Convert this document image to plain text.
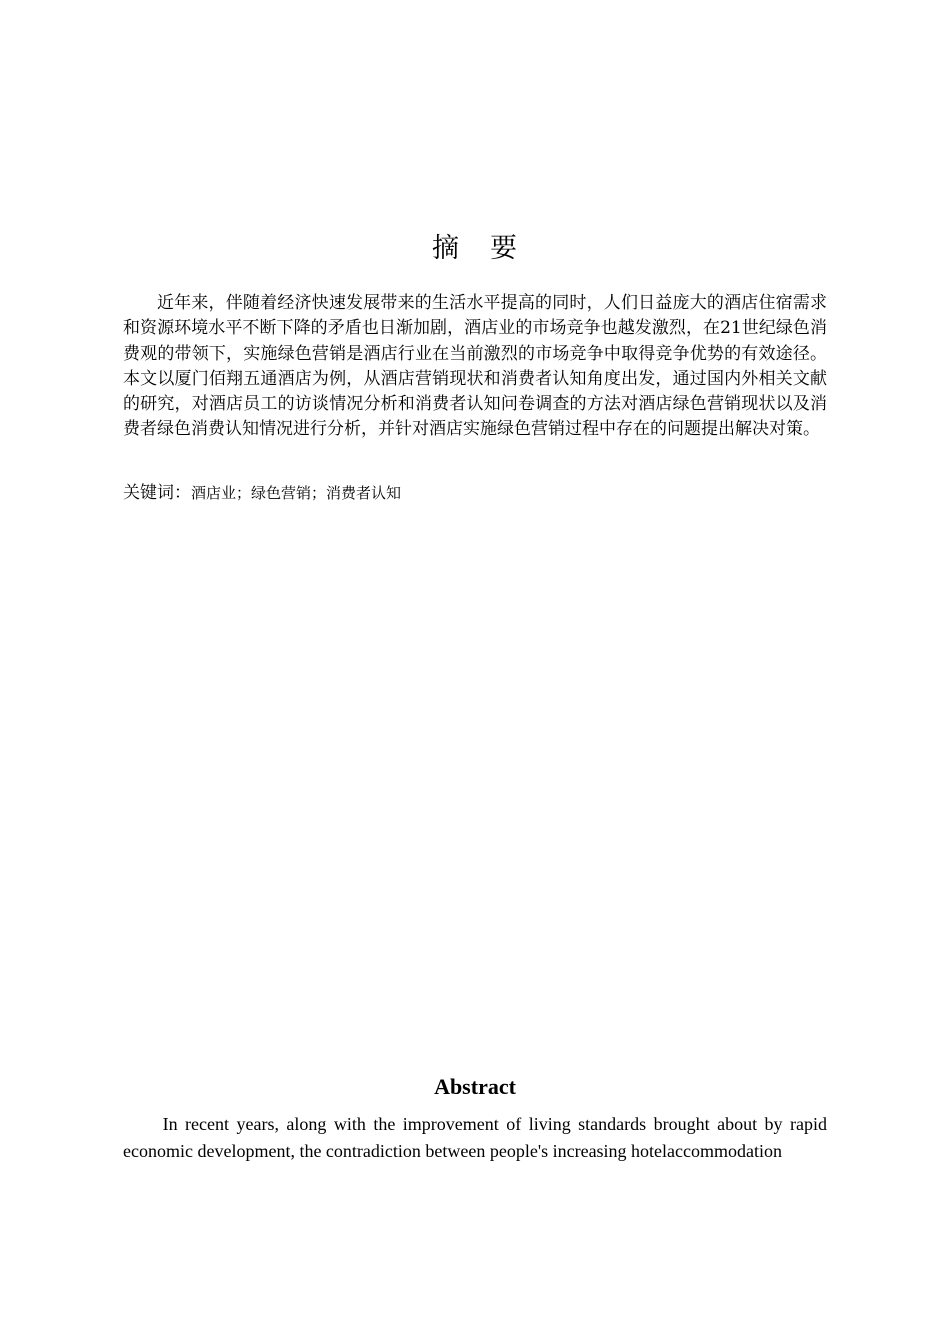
摘 要

近年来，伴随着经济快速发展带来的生活水平提高的同时，人们日益庞大的酒店住宿需求和资源环境水平不断下降的矛盾也日渐加剧，酒店业的市场竞争也越发激烈，在21世纪绿色消费观的带领下，实施绿色营销是酒店行业在当前激烈的市场竞争中取得竞争优势的有效途径。本文以厦门佰翔五通酒店为例，从酒店营销现状和消费者认知角度出发，通过国内外相关文献的研究，对酒店员工的访谈情况分析和消费者认知问卷调查的方法对酒店绿色营销现状以及消费者绿色消费认知情况进行分析，并针对酒店实施绿色营销过程中存在的问题提出解决对策。

关键词：酒店业；绿色营销；消费者认知

Abstract

In recent years, along with the improvement of living standards brought about by rapid economic development, the contradiction between people's increasing hotelaccommodation
